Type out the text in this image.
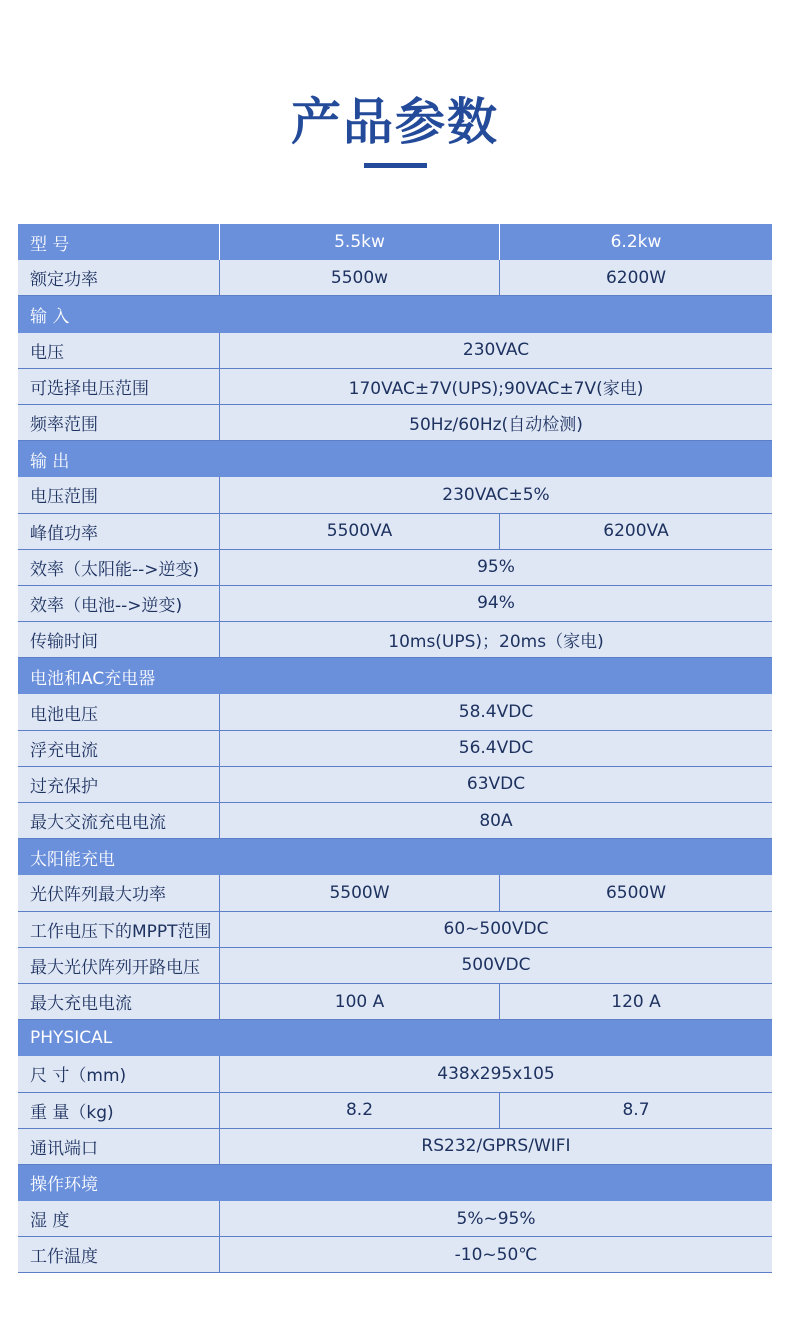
产品参数
型 号	5.5kw	6.2kw
额定功率	5500w	6200W
输 入
电压	230VAC
可选择电压范围	170VAC±7V(UPS);90VAC±7V(家电)
频率范围	50Hz/60Hz(自动检测)
输 出
电压范围	230VAC±5%
峰值功率	5500VA	6200VA
效率（太阳能-->逆变)	95%
效率（电池-->逆变)	94%
传输时间	10ms(UPS)；20ms（家电)
电池和AC充电器
电池电压	58.4VDC
浮充电流	56.4VDC
过充保护	63VDC
最大交流充电电流	80A
太阳能充电
光伏阵列最大功率	5500W	6500W
工作电压下的MPPT范围	60~500VDC
最大光伏阵列开路电压	500VDC
最大充电电流	100 A	120 A
PHYSICAL
尺 寸（mm)	438x295x105
重 量（kg)	8.2	8.7
通讯端口	RS232/GPRS/WIFI
操作环境
湿 度	5%~95%
工作温度	-10~50℃
